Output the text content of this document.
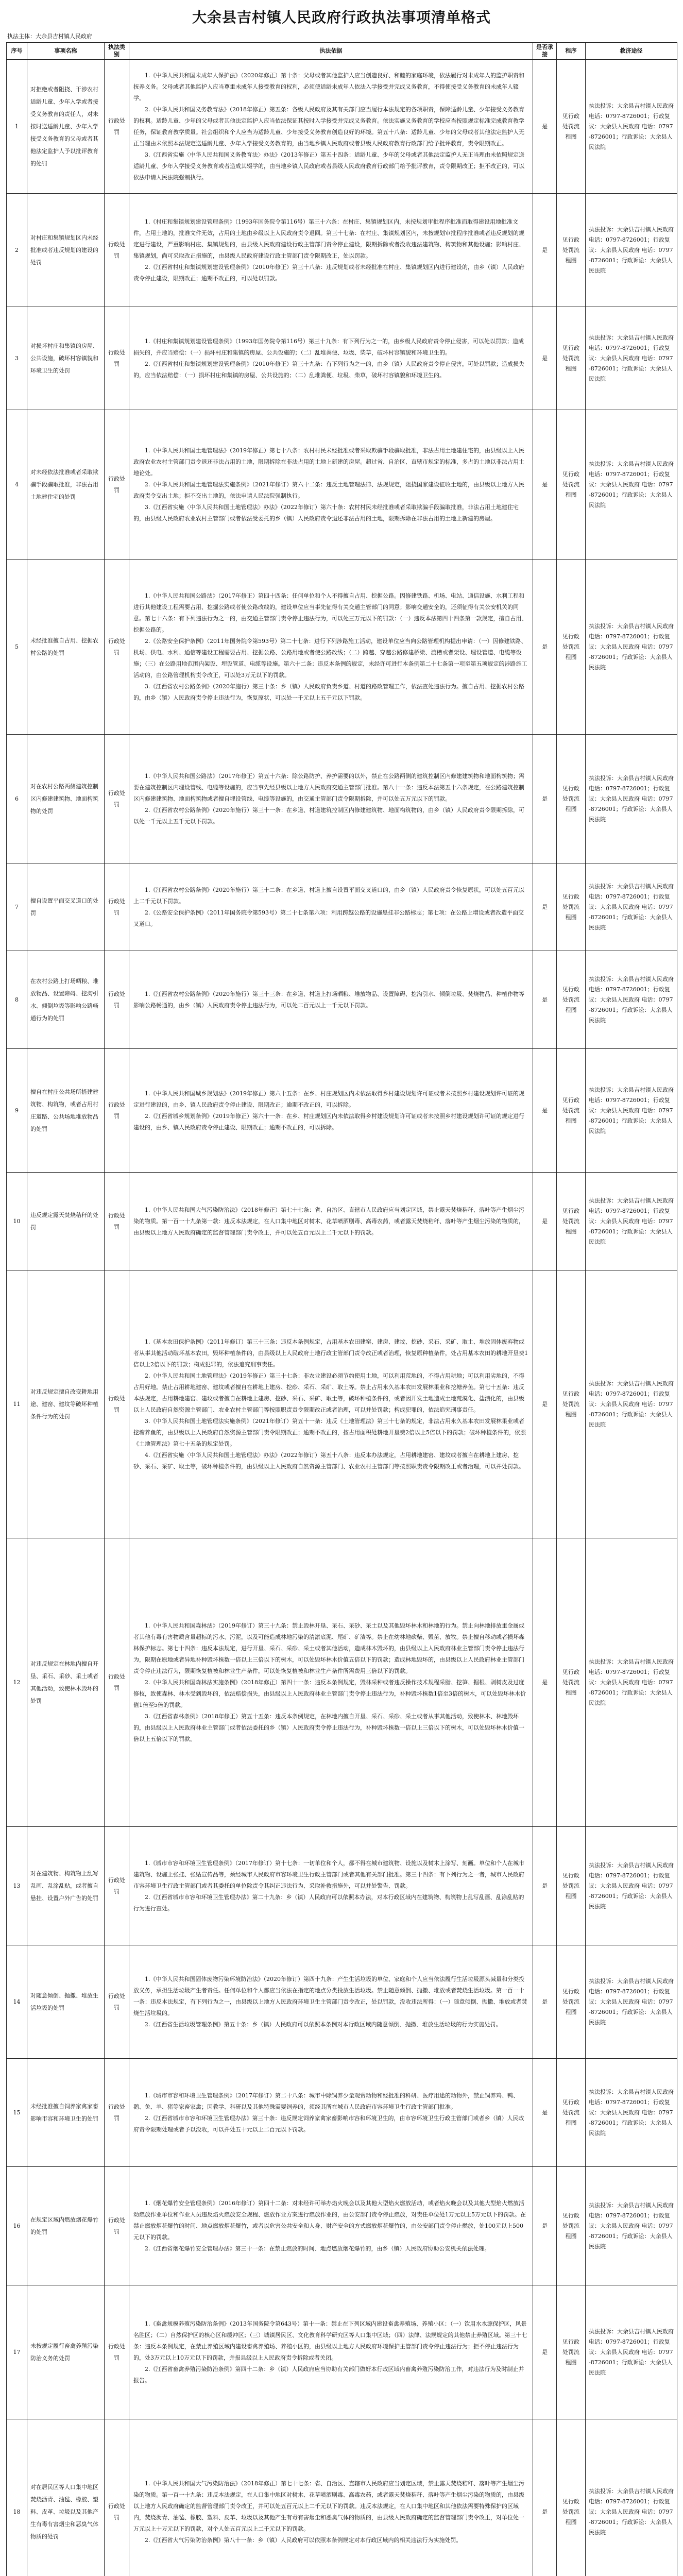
大余县吉村镇人民政府行政执法事项清单格式
执法主体：大余县吉村镇人民政府
序号	事项名称	执法类别	执法依据	是否承接	程序	救济途径
1	对拒绝或者阻挠、干涉农村适龄儿童、少年入学或者接受义务教育的责任人，对未按时送适龄儿童、少年入学接受义务教育的父母或者其他法定监护人予以批评教育的处罚	行政处罚	1.《中华人民共和国未成年人保护法》（2020年修正）第十条：父母或者其他监护人应当创造良好、和睦的家庭环境，依法履行对未成年人的监护职责和抚养义务。父母或者其他监护人应当尊重未成年人接受教育的权利，必须使适龄未成年人依法入学接受并完成义务教育，不得使接受义务教育的未成年人辍学。

2.《中华人民共和国义务教育法》（2018年修正）第五条：各级人民政府及其有关部门应当履行本法规定的各项职责，保障适龄儿童、少年接受义务教育的权利。适龄儿童、少年的父母或者其他法定监护人应当依法保证其按时入学接受并完成义务教育。依法实施义务教育的学校应当按照规定标准完成教育教学任务，保证教育教学质量。社会组织和个人应当为适龄儿童、少年接受义务教育创造良好的环境。第五十八条：适龄儿童、少年的父母或者其他法定监护人无正当理由未依照本法规定送适龄儿童、少年入学接受义务教育的，由当地乡镇人民政府或者县级人民政府教育行政部门给予批评教育，责令限期改正。

3.《江西省实施〈中华人民共和国义务教育法〉办法》（2013年修正）第五十四条：适龄儿童、少年的父母或者其他法定监护人无正当理由未依照规定送适龄儿童、少年入学接受义务教育或者造成其辍学的，由当地乡镇人民政府或者县级人民政府教育行政部门给予批评教育，责令限期改正；拒不改正的，可以依法申请人民法院强制执行。	是	见行政处罚流程图	执法投诉：大余县吉村镇人民政府 电话：0797-8726001；行政复议：大余县人民政府 电话：0797-8726001；行政诉讼：大余县人民法院
2	对村庄和集镇规划区内未经批准或者违反规划的建设的处罚	行政处罚	1.《村庄和集镇规划建设管理条例》（1993年国务院令第116号）第三十六条：在村庄、集镇规划区内，未按规划审批程序批准而取得建设用地批准文件，占用土地的，批准文件无效，占用的土地由乡级以上人民政府责令退回。第三十七条：在村庄、集镇规划区内，未按规划审批程序批准或者违反规划的规定进行建设，严重影响村庄、集镇规划的，由县级人民政府建设行政主管部门责令停止建设，限期拆除或者没收违法建筑物、构筑物和其他设施；影响村庄、集镇规划，尚可采取改正措施的，由县级人民政府建设行政主管部门责令限期改正，处以罚款。

2.《江西省村庄和集镇规划建设管理条例》（2010年修正）第三十八条：违反规划或者未经批准在村庄、集镇规划区内进行建设的，由乡（镇）人民政府责令停止建设，限期改正；逾期不改正的，可以处以罚款。	是	见行政处罚流程图	执法投诉：大余县吉村镇人民政府 电话：0797-8726001；行政复议：大余县人民政府 电话：0797-8726001；行政诉讼：大余县人民法院
3	对损坏村庄和集镇的房屋、公共设施，破坏村容镇貌和环境卫生的处罚	行政处罚	1.《村庄和集镇规划建设管理条例》（1993年国务院令第116号）第三十九条：有下列行为之一的，由乡级人民政府责令停止侵害，可以处以罚款；造成损失的，并应当赔偿：（一）损坏村庄和集镇的房屋、公共设施的；（二）乱堆粪便、垃圾、柴草，破坏村容镇貌和环境卫生的。

2.《江西省村庄和集镇规划建设管理条例》（2010年修正）第三十九条：有下列行为之一的，由乡（镇）人民政府责令停止侵害，可处以罚款；造成损失的，应当依法赔偿：（一）损坏村庄和集镇的房屋、公共设施的；（二）乱堆粪便、垃圾、柴草，破坏村容镇貌和环境卫生的。	是	见行政处罚流程图	执法投诉：大余县吉村镇人民政府 电话：0797-8726001；行政复议：大余县人民政府 电话：0797-8726001；行政诉讼：大余县人民法院
4	对未经依法批准或者采取欺骗手段骗取批准，非法占用土地建住宅的处罚	行政处罚	1.《中华人民共和国土地管理法》（2019年修正）第七十八条：农村村民未经批准或者采取欺骗手段骗取批准，非法占用土地建住宅的，由县级以上人民政府农业农村主管部门责令退还非法占用的土地，限期拆除在非法占用的土地上新建的房屋。超过省、自治区、直辖市规定的标准，多占的土地以非法占用土地论处。

2.《中华人民共和国土地管理法实施条例》（2021年修订）第六十二条：违反土地管理法律、法规规定，阻挠国家建设征收土地的，由县级以上地方人民政府责令交出土地；拒不交出土地的，依法申请人民法院强制执行。

3.《江西省实施〈中华人民共和国土地管理法〉办法》（2022年修订）第六十条：农村村民未经批准或者采取欺骗手段骗取批准，非法占用土地建住宅的，由县级人民政府农业农村主管部门或者依法受委托的乡（镇）人民政府责令退还非法占用的土地，限期拆除在非法占用的土地上新建的房屋。	是	见行政处罚流程图	执法投诉：大余县吉村镇人民政府 电话：0797-8726001；行政复议：大余县人民政府 电话：0797-8726001；行政诉讼：大余县人民法院
5	未经批准擅自占用、挖掘农村公路的处罚	行政处罚	1.《中华人民共和国公路法》（2017年修正）第四十四条：任何单位和个人不得擅自占用、挖掘公路。因修建铁路、机场、电站、通信设施、水利工程和进行其他建设工程需要占用、挖掘公路或者使公路改线的，建设单位应当事先征得有关交通主管部门的同意；影响交通安全的，还须征得有关公安机关的同意。第七十六条：有下列违法行为之一的，由交通主管部门责令停止违法行为，可以处三万元以下的罚款：（一）违反本法第四十四条第一款规定，擅自占用、挖掘公路的。

2.《公路安全保护条例》（2011年国务院令第593号）第二十七条：进行下列涉路施工活动，建设单位应当向公路管理机构提出申请：（一）因修建铁路、机场、供电、水利、通信等建设工程需要占用、挖掘公路、公路用地或者使公路改线；（二）跨越、穿越公路修建桥梁、渡槽或者架设、埋设管道、电缆等设施；（三）在公路用地范围内架设、埋设管道、电缆等设施。第六十二条：违反本条例的规定，未经许可进行本条例第二十七条第一项至第五项规定的涉路施工活动的，由公路管理机构责令改正，可以处3万元以下的罚款。

3.《江西省农村公路条例》（2020年施行）第三十条：乡（镇）人民政府负责乡道、村道的路政管理工作，依法查处违法行为。擅自占用、挖掘农村公路的，由乡（镇）人民政府责令停止违法行为，恢复原状，可以处一千元以上五千元以下罚款。	是	见行政处罚流程图	执法投诉：大余县吉村镇人民政府 电话：0797-8726001；行政复议：大余县人民政府 电话：0797-8726001；行政诉讼：大余县人民法院
6	对在农村公路两侧建筑控制区内修建建筑物、地面构筑物的处罚	行政处罚	1.《中华人民共和国公路法》（2017年修正）第五十六条：除公路防护、养护需要的以外，禁止在公路两侧的建筑控制区内修建建筑物和地面构筑物；需要在建筑控制区内埋设管线、电缆等设施的，应当事先经县级以上地方人民政府交通主管部门批准。第八十一条：违反本法第五十六条规定，在公路建筑控制区内修建建筑物、地面构筑物或者擅自埋设管线、电缆等设施的，由交通主管部门责令限期拆除，并可以处五万元以下的罚款。

2.《江西省农村公路条例》（2020年施行）第三十一条：在乡道、村道建筑控制区内修建建筑物、地面构筑物的，由乡（镇）人民政府责令限期拆除，可以处一千元以上五千元以下罚款。	是	见行政处罚流程图	执法投诉：大余县吉村镇人民政府 电话：0797-8726001；行政复议：大余县人民政府 电话：0797-8726001；行政诉讼：大余县人民法院
7	擅自设置平面交叉道口的处罚	行政处罚	1.《江西省农村公路条例》（2020年施行）第三十二条：在乡道、村道上擅自设置平面交叉道口的，由乡（镇）人民政府责令恢复原状，可以处五百元以上二千元以下罚款。

2.《公路安全保护条例》（2011年国务院令第593号）第二十七条第六项：利用跨越公路的设施悬挂非公路标志；第七项：在公路上增设或者改造平面交叉道口。	是	见行政处罚流程图	执法投诉：大余县吉村镇人民政府 电话：0797-8726001；行政复议：大余县人民政府 电话：0797-8726001；行政诉讼：大余县人民法院
8	在农村公路上打场晒粮、堆放物品、设置障碍、挖沟引水、倾倒垃圾等影响公路畅通行为的处罚	行政处罚	1.《江西省农村公路条例》（2020年施行）第三十三条：在乡道、村道上打场晒粮、堆放物品、设置障碍、挖沟引水、倾倒垃圾、焚烧物品、种植作物等影响公路畅通的，由乡（镇）人民政府责令停止违法行为，可以处二百元以上一千元以下罚款。	是	见行政处罚流程图	执法投诉：大余县吉村镇人民政府 电话：0797-8726001；行政复议：大余县人民政府 电话：0797-8726001；行政诉讼：大余县人民法院
9	擅自在村庄公共场所搭建建筑物、构筑物，或者占用村庄道路、公共场地堆放物品的处罚	行政处罚	1.《中华人民共和国城乡规划法》（2019年修正）第六十五条：在乡、村庄规划区内未依法取得乡村建设规划许可证或者未按照乡村建设规划许可证的规定进行建设的，由乡、镇人民政府责令停止建设、限期改正；逾期不改正的，可以拆除。

2.《江西省城乡规划条例》（2019年修正）第六十一条：在乡、村庄规划区内未依法取得乡村建设规划许可证或者未按照乡村建设规划许可证的规定进行建设的，由乡、镇人民政府责令停止建设、限期改正；逾期不改正的，可以拆除。	是	见行政处罚流程图	执法投诉：大余县吉村镇人民政府 电话：0797-8726001；行政复议：大余县人民政府 电话：0797-8726001；行政诉讼：大余县人民法院
10	违反规定露天焚烧秸秆的处罚	行政处罚	1.《中华人民共和国大气污染防治法》（2018年修正）第七十七条：省、自治区、直辖市人民政府应当划定区域，禁止露天焚烧秸秆、落叶等产生烟尘污染的物质。第一百一十九条第一款：违反本法规定，在人口集中地区对树木、花草喷洒剧毒、高毒农药，或者露天焚烧秸秆、落叶等产生烟尘污染的物质的，由县级以上地方人民政府确定的监督管理部门责令改正，并可以处五百元以上二千元以下的罚款。	是	见行政处罚流程图	执法投诉：大余县吉村镇人民政府 电话：0797-8726001；行政复议：大余县人民政府 电话：0797-8726001；行政诉讼：大余县人民法院
11	对违反规定擅自改变耕地用途、建窑、建坟等破坏种植条件行为的处罚	行政处罚	1.《基本农田保护条例》（2011年修订）第三十三条：违反本条例规定，占用基本农田建窑、建房、建坟、挖砂、采石、采矿、取土、堆放固体废弃物或者从事其他活动破坏基本农田，毁坏种植条件的，由县级以上人民政府土地行政主管部门责令改正或者治理，恢复原种植条件，处占用基本农田的耕地开垦费1倍以上2倍以下的罚款；构成犯罪的，依法追究刑事责任。

2.《中华人民共和国土地管理法》（2019年修正）第三十七条：非农业建设必须节约使用土地，可以利用荒地的，不得占用耕地；可以利用劣地的，不得占用好地。禁止占用耕地建窑、建坟或者擅自在耕地上建房、挖砂、采石、采矿、取土等。禁止占用永久基本农田发展林果业和挖塘养鱼。第七十五条：违反本法规定，占用耕地建窑、建坟或者擅自在耕地上建房、挖砂、采石、采矿、取土等，破坏种植条件的，或者因开发土地造成土地荒漠化、盐渍化的，由县级以上人民政府自然资源主管部门、农业农村主管部门等按照职责责令限期改正或者治理，可以并处罚款；构成犯罪的，依法追究刑事责任。

3.《中华人民共和国土地管理法实施条例》（2021年修订）第五十一条：违反《土地管理法》第三十七条的规定，非法占用永久基本农田发展林果业或者挖塘养鱼的，由县级以上人民政府自然资源主管部门责令限期改正；逾期不改正的，按占用面积处耕地开垦费2倍以上5倍以下的罚款；破坏种植条件的，依照《土地管理法》第七十五条的规定处罚。

4.《江西省实施〈中华人民共和国土地管理法〉办法》（2022年修订）第五十八条：违反本办法规定，占用耕地建窑、建坟或者擅自在耕地上建房、挖砂、采石、采矿、取土等，破坏种植条件的，由县级以上人民政府自然资源主管部门、农业农村主管部门等按照职责责令限期改正或者治理，可以并处罚款。	是	见行政处罚流程图	执法投诉：大余县吉村镇人民政府 电话：0797-8726001；行政复议：大余县人民政府 电话：0797-8726001；行政诉讼：大余县人民法院
12	对违反规定在林地内擅自开垦、采石、采砂、采土或者其他活动，致使林木毁坏的处罚	行政处罚	1.《中华人民共和国森林法》（2019年修订）第三十九条：禁止毁林开垦、采石、采砂、采土以及其他毁坏林木和林地的行为。禁止向林地排放重金属或者其他有毒有害物质含量超标的污水、污泥，以及可能造成林地污染的清淤底泥、尾矿、矿渣等。禁止在幼林地砍柴、毁苗、放牧。禁止擅自移动或者损坏森林保护标志。第七十四条：违反本法规定，进行开垦、采石、采砂、采土或者其他活动，造成林木毁坏的，由县级以上人民政府林业主管部门责令停止违法行为，限期在原地或者异地补种毁坏株数一倍以上三倍以下的树木，可以处毁坏林木价值五倍以下的罚款；造成林地毁坏的，由县级以上人民政府林业主管部门责令停止违法行为，限期恢复植被和林业生产条件，可以处恢复植被和林业生产条件所需费用三倍以下的罚款。

2.《中华人民共和国森林法实施条例》（2018年修正）第四十一条：违反本条例规定，毁林采种或者违反操作技术规程采脂、挖笋、掘根、剥树皮及过度修枝，致使森林、林木受到毁坏的，依法赔偿损失，由县级以上人民政府林业主管部门责令停止违法行为，补种毁坏株数1倍至3倍的树木，可以处毁坏林木价值1倍至5倍的罚款。

3.《江西省森林条例》（2018年修正）第五十五条：违反本条例规定，在林地内擅自开垦、采石、采砂、采土或者从事其他活动，致使林木、林地毁坏的，由县级以上人民政府林业主管部门或者依法委托的乡（镇）人民政府责令停止违法行为，补种毁坏株数一倍以上三倍以下的树木，可以处毁坏林木价值一倍以上五倍以下的罚款。	是	见行政处罚流程图	执法投诉：大余县吉村镇人民政府 电话：0797-8726001；行政复议：大余县人民政府 电话：0797-8726001；行政诉讼：大余县人民法院
13	对在建筑物、构筑物上乱写乱画、乱涂乱贴，或者擅自悬挂、设置户外广告的处罚	行政处罚	1.《城市市容和环境卫生管理条例》（2017年修订）第十七条：一切单位和个人，都不得在城市建筑物、设施以及树木上涂写、刻画。单位和个人在城市建筑物、设施上张挂、张贴宣传品等，须经城市人民政府市容环境卫生行政主管部门或者其他有关部门批准。第三十四条：有下列行为之一者，城市人民政府市容环境卫生行政主管部门或者其委托的单位除责令其纠正违法行为、采取补救措施外，可以并处警告、罚款。

2.《江西省城市市容和环境卫生管理办法》第二十九条：乡（镇）人民政府可以依照本办法，对本行政区域内在建筑物、构筑物上乱写乱画、乱涂乱贴的行为进行查处。	是	见行政处罚流程图	执法投诉：大余县吉村镇人民政府 电话：0797-8726001；行政复议：大余县人民政府 电话：0797-8726001；行政诉讼：大余县人民法院
14	对随意倾倒、抛撒、堆放生活垃圾的处罚	行政处罚	1.《中华人民共和国固体废物污染环境防治法》（2020年修订）第四十九条：产生生活垃圾的单位、家庭和个人应当依法履行生活垃圾源头减量和分类投放义务，承担生活垃圾产生者责任。任何单位和个人都应当依法在指定的地点分类投放生活垃圾。禁止随意倾倒、抛撒、堆放或者焚烧生活垃圾。第一百一十一条：违反本法规定，有下列行为之一，由县级以上地方人民政府环境卫生主管部门责令改正，处以罚款，没收违法所得：（一）随意倾倒、抛撒、堆放或者焚烧生活垃圾的。

2.《江西省生活垃圾管理条例》第五十条：乡（镇）人民政府可以依照本条例对本行政区域内随意倾倒、抛撒、堆放生活垃圾的行为实施处罚。	是	见行政处罚流程图	执法投诉：大余县吉村镇人民政府 电话：0797-8726001；行政复议：大余县人民政府 电话：0797-8726001；行政诉讼：大余县人民法院
15	未经批准擅自饲养家禽家畜影响市容和环境卫生的处罚	行政处罚	1.《城市市容和环境卫生管理条例》（2017年修订）第二十八条：城市中除饲养少量观赏动物和经批准的科研、医疗用途的动物外，禁止饲养鸡、鸭、鹅、兔、羊、猪等家畜家禽；因教学、科研以及其他特殊需要饲养的，须经其所在城市人民政府市容环境卫生行政主管部门批准。

2.《江西省城市市容和环境卫生管理办法》第三十条：违反规定饲养家禽家畜影响市容和环境卫生的，由市容环境卫生行政主管部门或者乡（镇）人民政府责令限期处理或者予以没收，可以并处五十元以上二百元以下罚款。	是	见行政处罚流程图	执法投诉：大余县吉村镇人民政府 电话：0797-8726001；行政复议：大余县人民政府 电话：0797-8726001；行政诉讼：大余县人民法院
16	在规定区域内燃放烟花爆竹的处罚	行政处罚	1.《烟花爆竹安全管理条例》（2016年修订）第四十二条：对未经许可举办焰火晚会以及其他大型焰火燃放活动，或者焰火晚会以及其他大型焰火燃放活动燃放作业单位和作业人员违反焰火燃放安全规程、燃放作业方案进行燃放作业的，由公安部门责令停止燃放，对责任单位处1万元以上5万元以下的罚款。在禁止燃放烟花爆竹的时间、地点燃放烟花爆竹，或者以危害公共安全和人身、财产安全的方式燃放烟花爆竹的，由公安部门责令停止燃放，处100元以上500元以下的罚款。

2.《江西省烟花爆竹安全管理办法》第三十一条：在禁止燃放的时间、地点燃放烟花爆竹的，由乡（镇）人民政府协助公安机关依法处理。	是	见行政处罚流程图	执法投诉：大余县吉村镇人民政府 电话：0797-8726001；行政复议：大余县人民政府 电话：0797-8726001；行政诉讼：大余县人民法院
17	未按规定履行畜禽养殖污染防治义务的处罚	行政处罚	1.《畜禽规模养殖污染防治条例》（2013年国务院令第643号）第十一条：禁止在下列区域内建设畜禽养殖场、养殖小区：（一）饮用水水源保护区，风景名胜区；（二）自然保护区的核心区和缓冲区；（三）城镇居民区、文化教育科学研究区等人口集中区域；（四）法律、法规规定的其他禁止养殖区域。第三十七条：违反本条例规定，在禁止养殖区域内建设畜禽养殖场、养殖小区的，由县级以上地方人民政府环境保护主管部门责令停止违法行为；拒不停止违法行为的，处3万元以上10万元以下的罚款，并报县级以上人民政府责令拆除或者关闭。

2.《江西省畜禽养殖污染防治条例》第四十二条：乡（镇）人民政府应当协助有关部门做好本行政区域内畜禽养殖污染防治工作，对违法行为及时制止并报告。	是	见行政处罚流程图	执法投诉：大余县吉村镇人民政府 电话：0797-8726001；行政复议：大余县人民政府 电话：0797-8726001；行政诉讼：大余县人民法院
18	对在居民区等人口集中地区焚烧沥青、油毡、橡胶、塑料、皮革、垃圾以及其他产生有毒有害烟尘和恶臭气体物质的处罚	行政处罚	1.《中华人民共和国大气污染防治法》（2018年修正）第七十七条：省、自治区、直辖市人民政府应当划定区域，禁止露天焚烧秸秆、落叶等产生烟尘污染的物质。第一百一十九条：违反本法规定，在人口集中地区对树木、花草喷洒剧毒、高毒农药，或者露天焚烧秸秆、落叶等产生烟尘污染的物质的，由县级以上地方人民政府确定的监督管理部门责令改正，并可以处五百元以上二千元以下的罚款。违反本法规定，在人口集中地区和其他依法需要特殊保护的区域内，焚烧沥青、油毡、橡胶、塑料、皮革、垃圾以及其他产生有毒有害烟尘和恶臭气体的物质的，由县级人民政府确定的监督管理部门责令改正，对单位处一万元以上十万元以下的罚款，对个人处五百元以上二千元以下的罚款。

2.《江西省大气污染防治条例》第八十一条：乡（镇）人民政府可以依照本条例规定对本行政区域内的相关违法行为实施处罚。	是	见行政处罚流程图	执法投诉：大余县吉村镇人民政府 电话：0797-8726001；行政复议：大余县人民政府 电话：0797-8726001；行政诉讼：大余县人民法院
